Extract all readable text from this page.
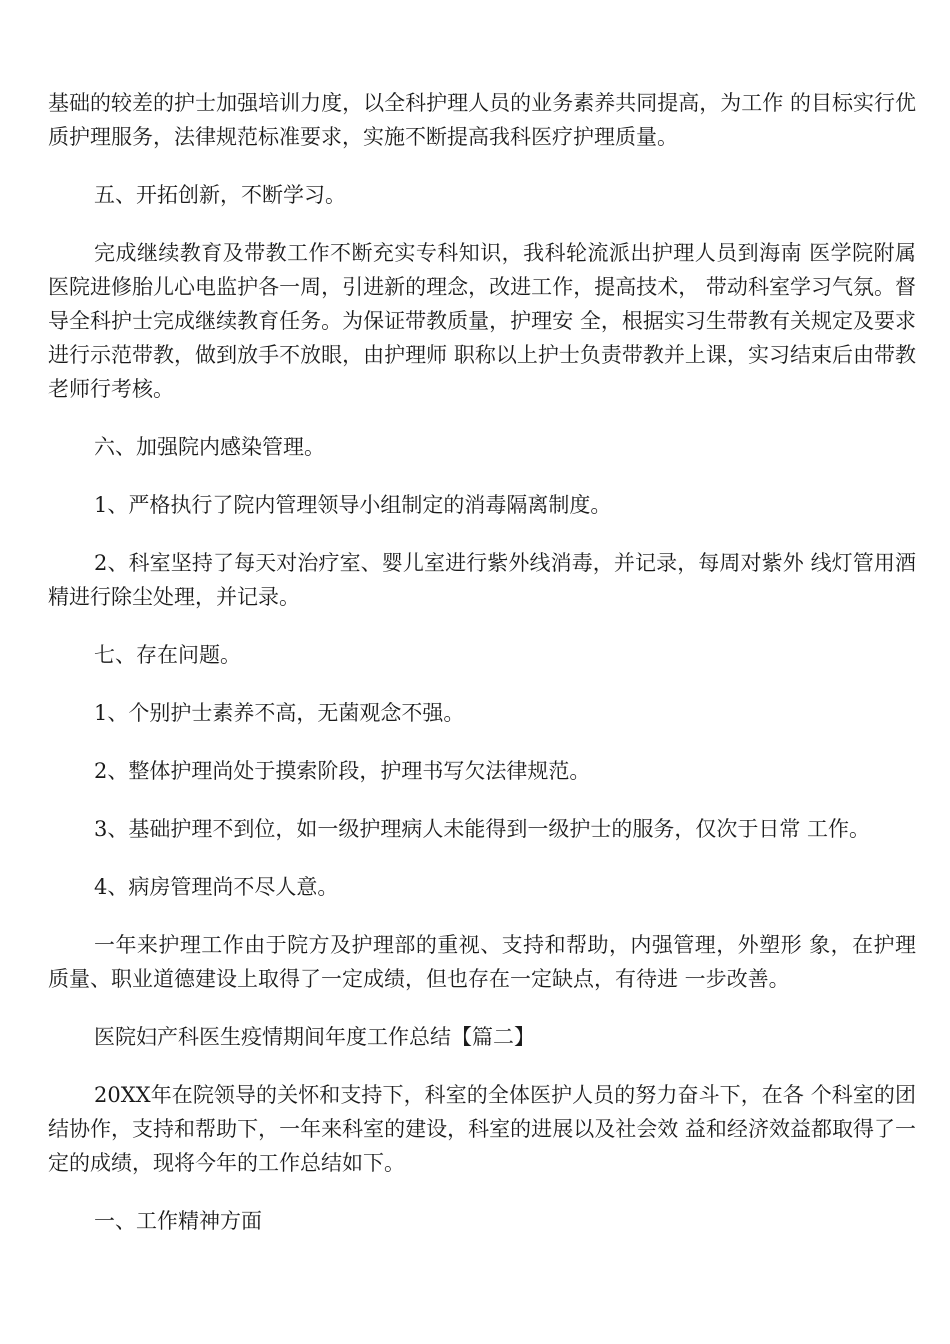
基础的较差的护士加强培训力度，以全科护理人员的业务素养共同提高，为工作 的目标实行优质护理服务，法律规范标准要求，实施不断提高我科医疗护理质量。

五、开拓创新，不断学习。

完成继续教育及带教工作不断充实专科知识，我科轮流派出护理人员到海南 医学院附属医院进修胎儿心电监护各一周，引进新的理念，改进工作，提高技术， 带动科室学习气氛。督导全科护士完成继续教育任务。为保证带教质量，护理安 全，根据实习生带教有关规定及要求进行示范带教，做到放手不放眼，由护理师 职称以上护士负责带教并上课，实习结束后由带教老师行考核。

六、加强院内感染管理。

1、严格执行了院内管理领导小组制定的消毒隔离制度。

2、科室坚持了每天对治疗室、婴儿室进行紫外线消毒，并记录，每周对紫外 线灯管用酒精进行除尘处理，并记录。

七、存在问题。

1、个别护士素养不高，无菌观念不强。

2、整体护理尚处于摸索阶段，护理书写欠法律规范。

3、基础护理不到位，如一级护理病人未能得到一级护士的服务，仅次于日常 工作。

4、病房管理尚不尽人意。

一年来护理工作由于院方及护理部的重视、支持和帮助，内强管理，外塑形 象，在护理质量、职业道德建设上取得了一定成绩，但也存在一定缺点，有待进 一步改善。

医院妇产科医生疫情期间年度工作总结【篇二】

20XX年在院领导的关怀和支持下，科室的全体医护人员的努力奋斗下，在各 个科室的团结协作，支持和帮助下，一年来科室的建设，科室的进展以及社会效 益和经济效益都取得了一定的成绩，现将今年的工作总结如下。

一、工作精神方面
